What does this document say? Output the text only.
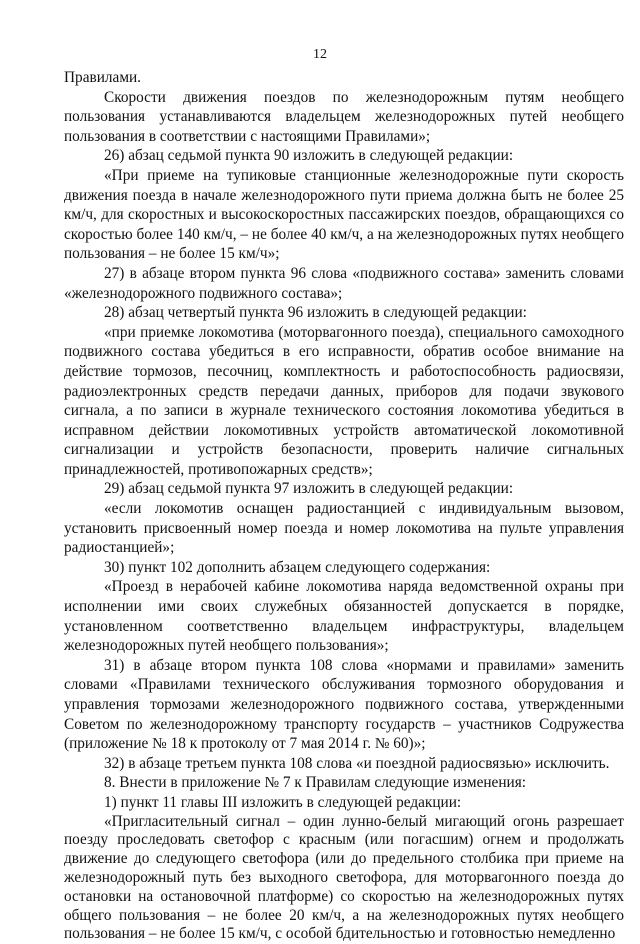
12

Правилами.

Скорости движения поездов по железнодорожным путям необщего пользования устанавливаются владельцем железнодорожных путей необщего пользования в соответствии с настоящими Правилами»;

26) абзац седьмой пункта 90 изложить в следующей редакции:

«При приеме на тупиковые станционные железнодорожные пути скорость движения поезда в начале железнодорожного пути приема должна быть не более 25 км/ч, для скоростных и высокоскоростных пассажирских поездов, обращающихся со скоростью более 140 км/ч, – не более 40 км/ч, а на железнодорожных путях необщего пользования – не более 15 км/ч»;

27) в абзаце втором пункта 96 слова «подвижного состава» заменить словами «железнодорожного подвижного состава»;

28) абзац четвертый пункта 96 изложить в следующей редакции:

«при приемке локомотива (моторвагонного поезда), специального самоходного подвижного состава убедиться в его исправности, обратив особое внимание на действие тормозов, песочниц, комплектность и работоспособность радиосвязи, радиоэлектронных средств передачи данных, приборов для подачи звукового сигнала, а по записи в журнале технического состояния локомотива убедиться в исправном действии локомотивных устройств автоматической локомотивной сигнализации и устройств безопасности, проверить наличие сигнальных принадлежностей, противопожарных средств»;

29) абзац седьмой пункта 97 изложить в следующей редакции:

«если локомотив оснащен радиостанцией с индивидуальным вызовом, установить присвоенный номер поезда и номер локомотива на пульте управления радиостанцией»;

30) пункт 102 дополнить абзацем следующего содержания:

«Проезд в нерабочей кабине локомотива наряда ведомственной охраны при исполнении ими своих служебных обязанностей допускается в порядке, установленном соответственно владельцем инфраструктуры, владельцем железнодорожных путей необщего пользования»;

31) в абзаце втором пункта 108 слова «нормами и правилами» заменить словами «Правилами технического обслуживания тормозного оборудования и управления тормозами железнодорожного подвижного состава, утвержденными Советом по железнодорожному транспорту государств – участников Содружества (приложение № 18 к протоколу от 7 мая 2014 г. № 60)»;

32) в абзаце третьем пункта 108 слова «и поездной радиосвязью» исключить.

8. Внести в приложение № 7 к Правилам следующие изменения:

1) пункт 11 главы III изложить в следующей редакции:

«Пригласительный сигнал – один лунно-белый мигающий огонь разрешает поезду проследовать светофор с красным (или погасшим) огнем и продолжать движение до следующего светофора (или до предельного столбика при приеме на железнодорожный путь без выходного светофора, для моторвагонного поезда до остановки на остановочной платформе) со скоростью на железнодорожных путях общего пользования – не более 20 км/ч, а на железнодорожных путях необщего пользования – не более 15 км/ч, с особой бдительностью и готовностью немедленно
